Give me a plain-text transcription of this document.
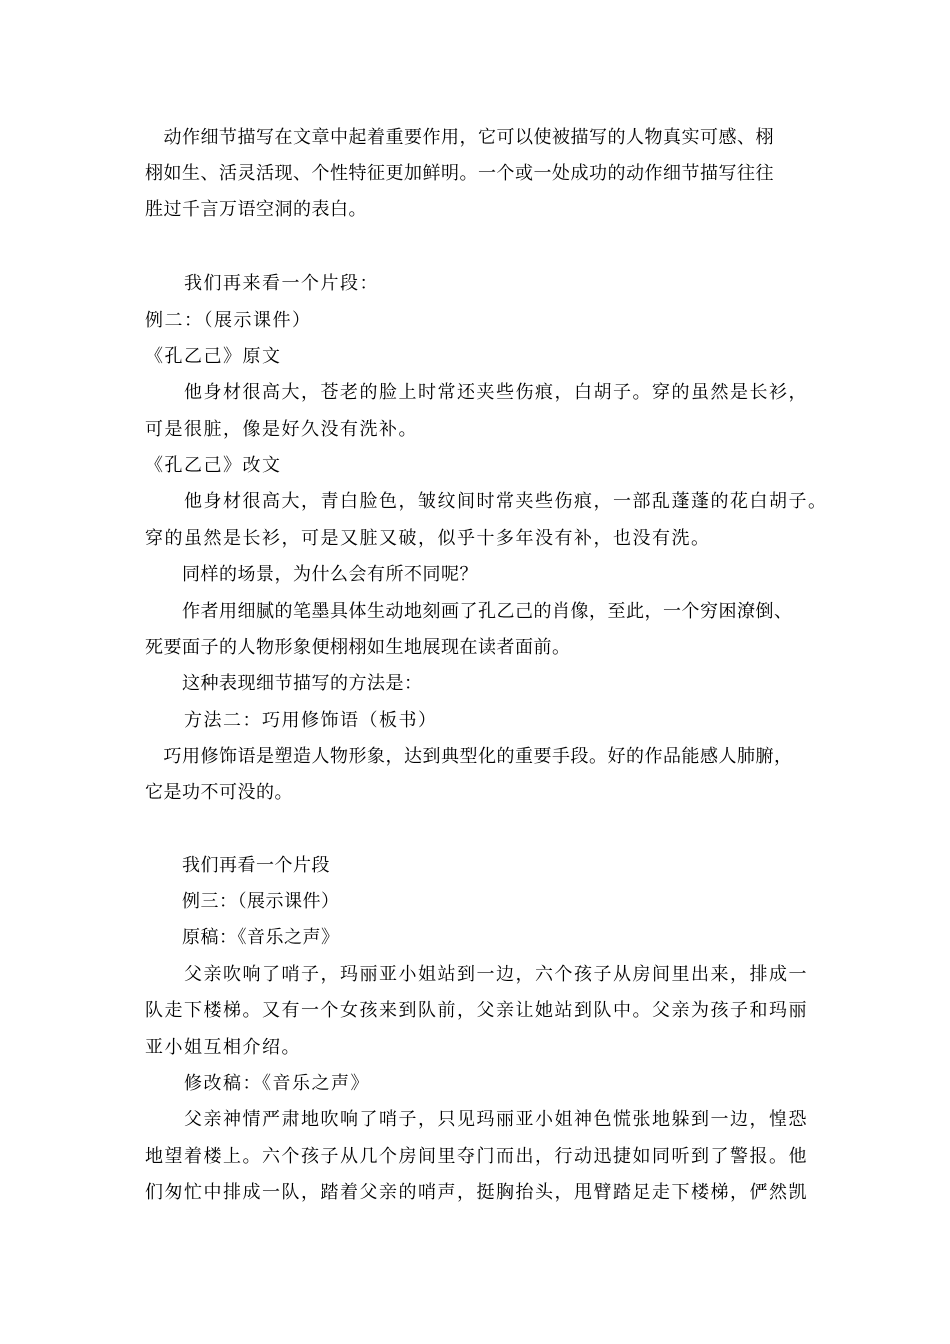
　动作细节描写在文章中起着重要作用，它可以使被描写的人物真实可感、栩
栩如生、活灵活现、个性特征更加鲜明。一个或一处成功的动作细节描写往往
胜过千言万语空洞的表白。
　　我们再来看一个片段：
例二：（展示课件）
《孔乙己》原文
　　他身材很高大，苍老的脸上时常还夹些伤痕，白胡子。穿的虽然是长衫，
可是很脏，像是好久没有洗补。
《孔乙己》改文
　　他身材很高大，青白脸色，皱纹间时常夹些伤痕，一部乱蓬蓬的花白胡子。
穿的虽然是长衫，可是又脏又破，似乎十多年没有补，也没有洗。
　　同样的场景，为什么会有所不同呢？
　　作者用细腻的笔墨具体生动地刻画了孔乙己的肖像，至此，一个穷困潦倒、
死要面子的人物形象便栩栩如生地展现在读者面前。
　　这种表现细节描写的方法是：
　　方法二：巧用修饰语（板书）
　巧用修饰语是塑造人物形象，达到典型化的重要手段。好的作品能感人肺腑，
它是功不可没的。
　　我们再看一个片段
　　例三：（展示课件）
　　原稿：《音乐之声》
　　父亲吹响了哨子，玛丽亚小姐站到一边，六个孩子从房间里出来，排成一
队走下楼梯。又有一个女孩来到队前，父亲让她站到队中。父亲为孩子和玛丽
亚小姐互相介绍。
　　修改稿：《音乐之声》
　　父亲神情严肃地吹响了哨子，只见玛丽亚小姐神色慌张地躲到一边，惶恐
地望着楼上。六个孩子从几个房间里夺门而出，行动迅捷如同听到了警报。他
们匆忙中排成一队，踏着父亲的哨声，挺胸抬头，甩臂踏足走下楼梯，俨然凯
